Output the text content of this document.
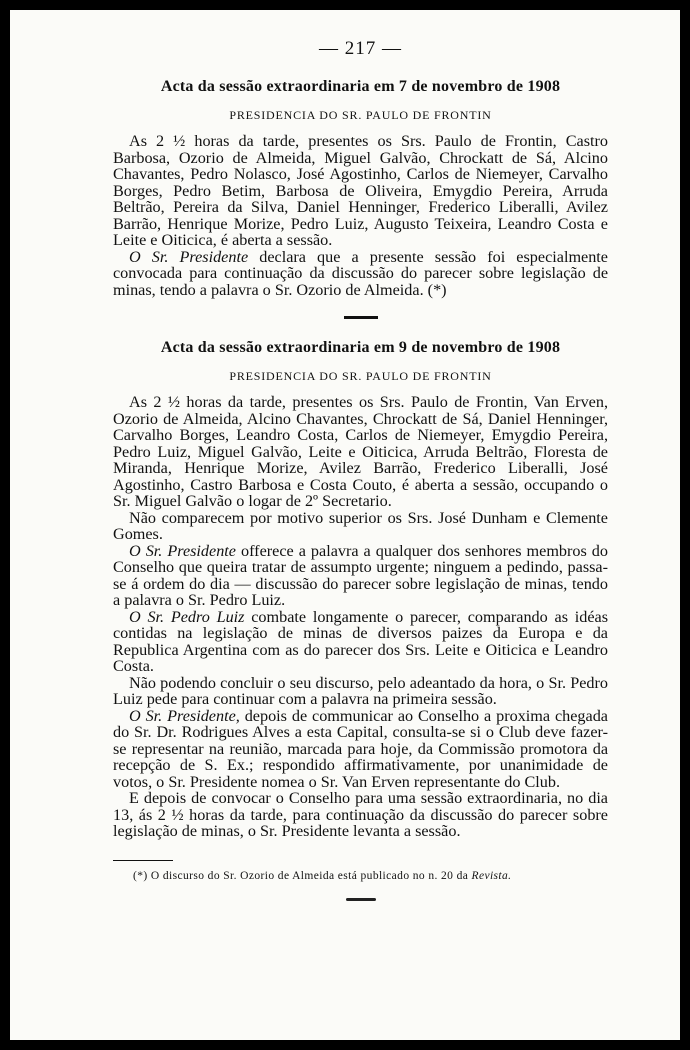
— 217 —
Acta da sessão extraordinaria em 7 de novembro de 1908
PRESIDENCIA DO SR. PAULO DE FRONTIN

As 2 ½ horas da tarde, presentes os Srs. Paulo de Frontin, Castro Barbosa, Ozorio de Almeida, Miguel Galvão, Chrockatt de Sá, Alcino Chavantes, Pedro Nolasco, José Agostinho, Carlos de Niemeyer, Carvalho Borges, Pedro Betim, Barbosa de Oliveira, Emygdio Pereira, Arruda Beltrão, Pereira da Silva, Daniel Henninger, Frederico Liberalli, Avilez Barrão, Henrique Morize, Pedro Luiz, Augusto Teixeira, Leandro Costa e Leite e Oiticica, é aberta a sessão.

O Sr. Presidente declara que a presente sessão foi especialmente convocada para continuação da discussão do parecer sobre legislação de minas, tendo a palavra o Sr. Ozorio de Almeida. (*)

Acta da sessão extraordinaria em 9 de novembro de 1908
PRESIDENCIA DO SR. PAULO DE FRONTIN

As 2 ½ horas da tarde, presentes os Srs. Paulo de Frontin, Van Erven, Ozorio de Almeida, Alcino Chavantes, Chrockatt de Sá, Daniel Henninger, Carvalho Borges, Leandro Costa, Carlos de Niemeyer, Emygdio Pereira, Pedro Luiz, Miguel Galvão, Leite e Oiticica, Arruda Beltrão, Floresta de Miranda, Henrique Morize, Avilez Barrão, Frederico Liberalli, José Agostinho, Castro Barbosa e Costa Couto, é aberta a sessão, occupando o Sr. Miguel Galvão o logar de 2º Secretario.

Não comparecem por motivo superior os Srs. José Dunham e Clemente Gomes.

O Sr. Presidente offerece a palavra a qualquer dos senhores membros do Conselho que queira tratar de assumpto urgente; ninguem a pedindo, passa-se á ordem do dia — discussão do parecer sobre legislação de minas, tendo a palavra o Sr. Pedro Luiz.

O Sr. Pedro Luiz combate longamente o parecer, comparando as idéas contidas na legislação de minas de diversos paizes da Europa e da Republica Argentina com as do parecer dos Srs. Leite e Oiticica e Leandro Costa.

Não podendo concluir o seu discurso, pelo adeantado da hora, o Sr. Pedro Luiz pede para continuar com a palavra na primeira sessão.

O Sr. Presidente, depois de communicar ao Conselho a proxima chegada do Sr. Dr. Rodrigues Alves a esta Capital, consulta-se si o Club deve fazer-se representar na reunião, marcada para hoje, da Commissão promotora da recepção de S. Ex.; respondido affirmativamente, por unanimidade de votos, o Sr. Presidente nomea o Sr. Van Erven representante do Club.

E depois de convocar o Conselho para uma sessão extraordinaria, no dia 13, ás 2 ½ horas da tarde, para continuação da discussão do parecer sobre legislação de minas, o Sr. Presidente levanta a sessão.

(*) O discurso do Sr. Ozorio de Almeida está publicado no n. 20 da Revista.
